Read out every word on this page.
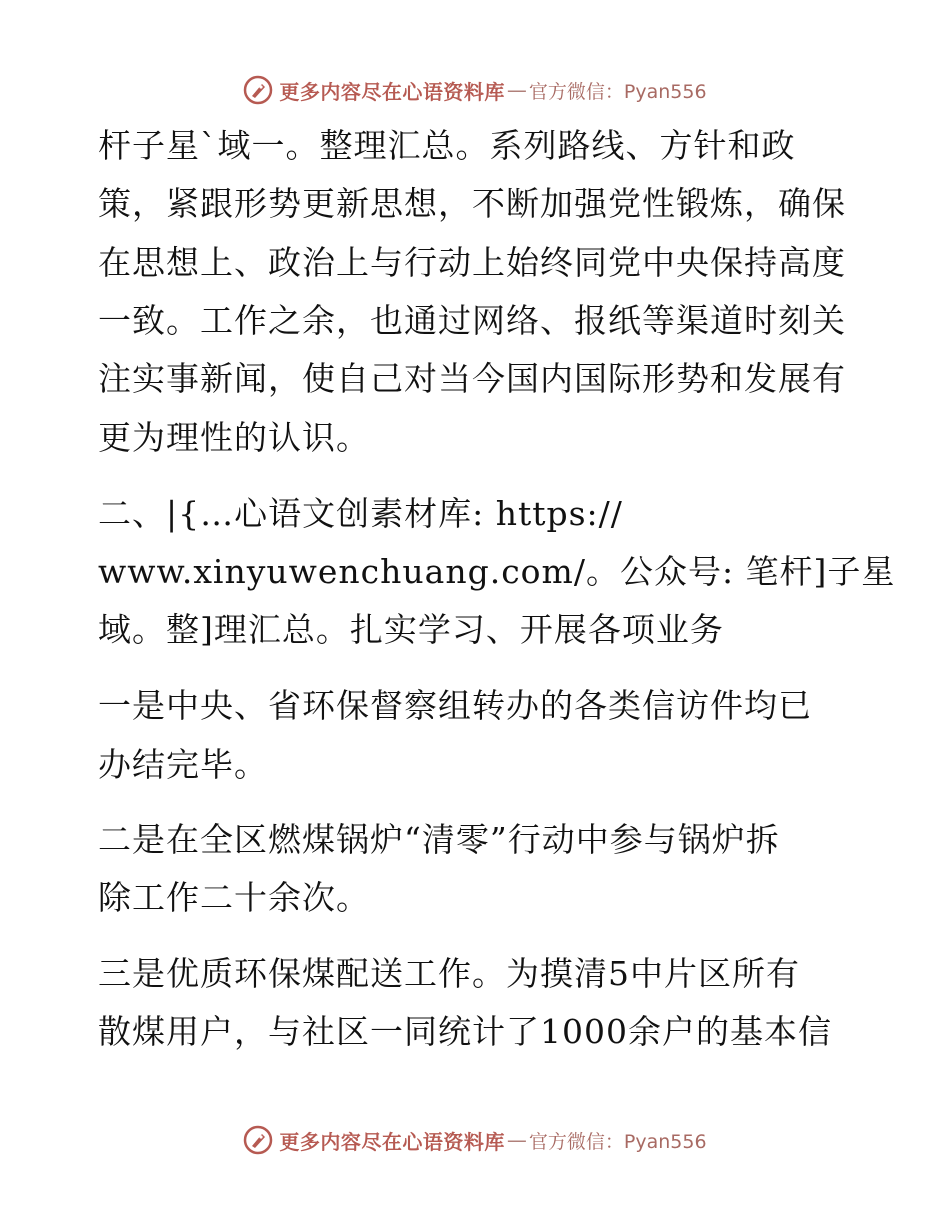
更多内容尽在心语资料库 — 官方微信：Pyan556
杆子星`域一。整理汇总。系列路线、方针和政
策，紧跟形势更新思想，不断加强党性锻炼，确保
在思想上、政治上与行动上始终同党中央保持高度
一致。工作之余，也通过网络、报纸等渠道时刻关
注实事新闻，使自己对当今国内国际形势和发展有
更为理性的认识。
二、|{…心语文创素材库: https://
www.xinyuwenchuang.com/。公众号: 笔杆]子星
域。整]理汇总。扎实学习、开展各项业务
一是中央、省环保督察组转办的各类信访件均已
办结完毕。
二是在全区燃煤锅炉“清零”行动中参与锅炉拆
除工作二十余次。
三是优质环保煤配送工作。为摸清5中片区所有
散煤用户，与社区一同统计了1000余户的基本信
更多内容尽在心语资料库 — 官方微信：Pyan556
